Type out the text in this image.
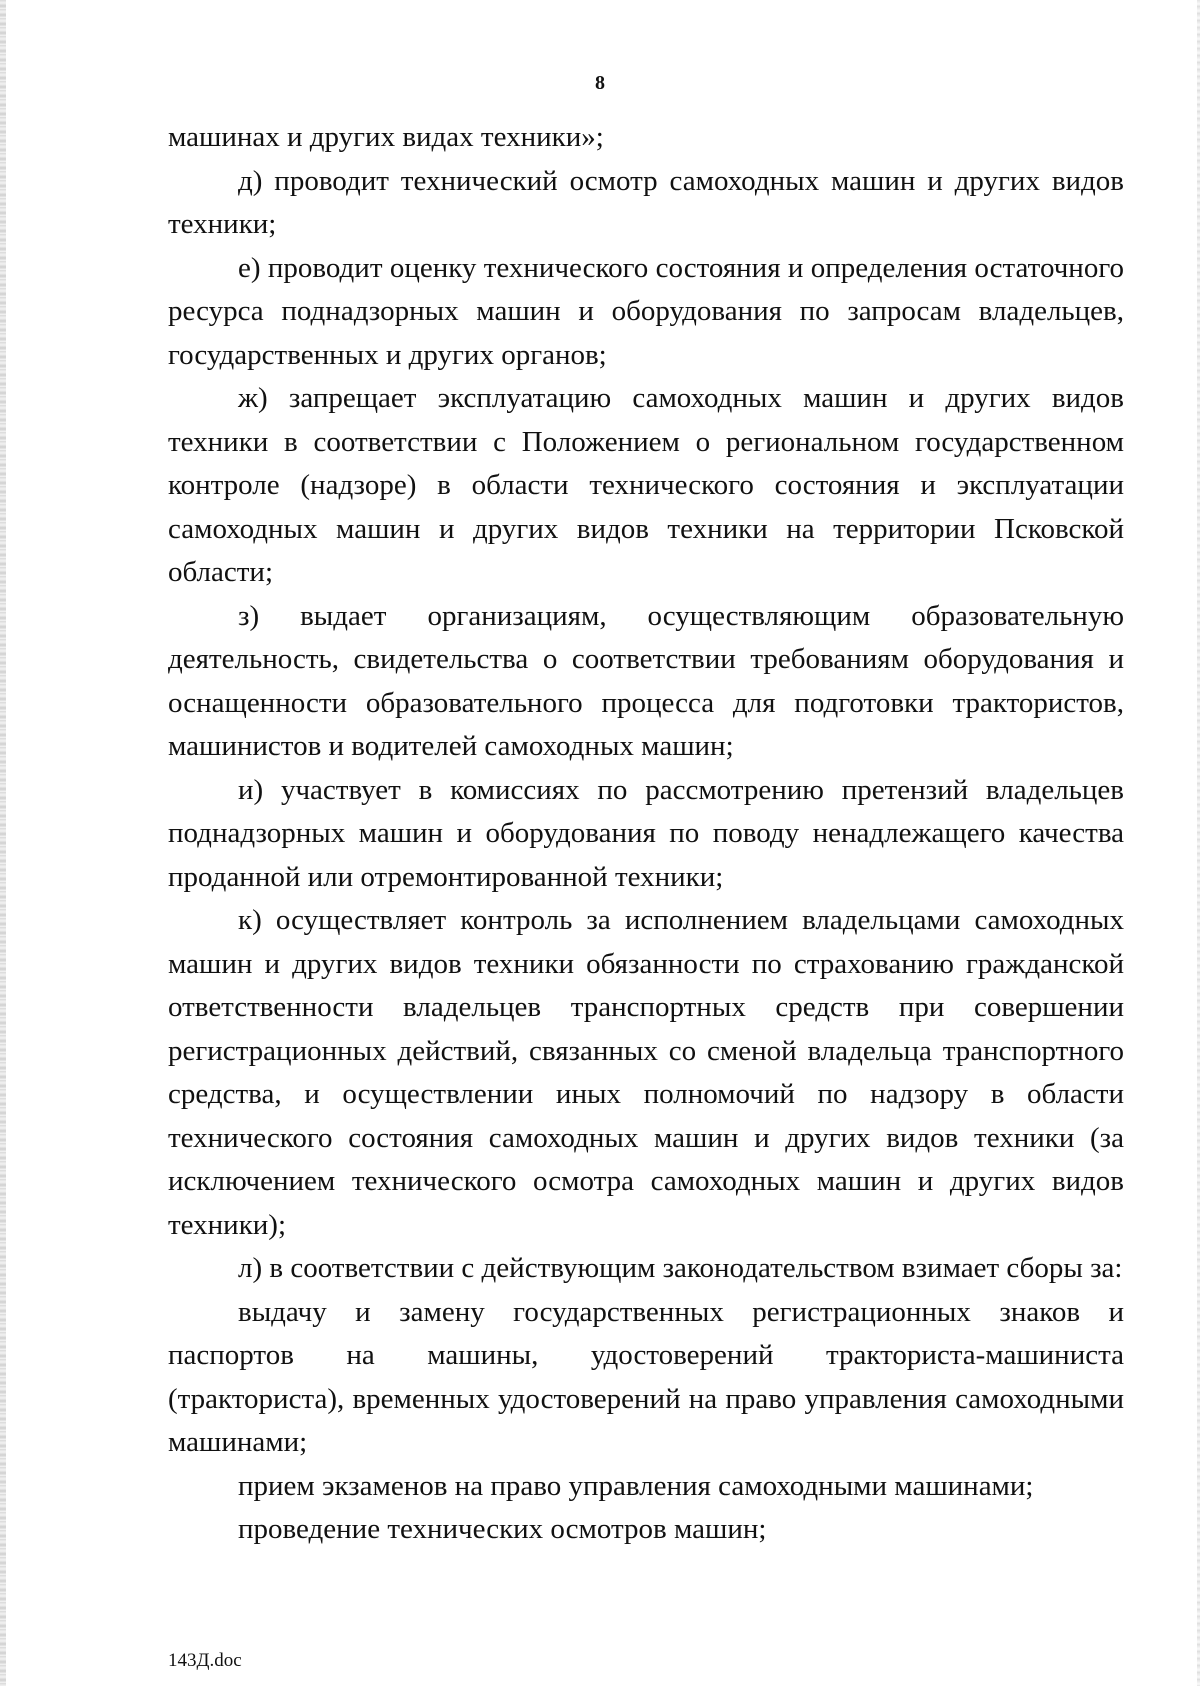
8

машинах и других видах техники»;

д) проводит технический осмотр самоходных машин и других видов техники;

е) проводит оценку технического состояния и определения остаточного ресурса поднадзорных машин и оборудования по запросам владельцев, государственных и других органов;

ж) запрещает эксплуатацию самоходных машин и других видов техники в соответствии с Положением о региональном государственном контроле (надзоре) в области технического состояния и эксплуатации самоходных машин и других видов техники на территории Псковской области;

з) выдает организациям, осуществляющим образовательную деятельность, свидетельства о соответствии требованиям оборудования и оснащенности образовательного процесса для подготовки трактористов, машинистов и водителей самоходных машин;

и) участвует в комиссиях по рассмотрению претензий владельцев поднадзорных машин и оборудования по поводу ненадлежащего качества проданной или отремонтированной техники;

к) осуществляет контроль за исполнением владельцами самоходных машин и других видов техники обязанности по страхованию гражданской ответственности владельцев транспортных средств при совершении регистрационных действий, связанных со сменой владельца транспортного средства, и осуществлении иных полномочий по надзору в области технического состояния самоходных машин и других видов техники (за исключением технического осмотра самоходных машин и других видов техники);

л) в соответствии с действующим законодательством взимает сборы за:

выдачу и замену государственных регистрационных знаков и паспортов на машины, удостоверений тракториста-машиниста (тракториста), временных удостоверений на право управления самоходными машинами;

прием экзаменов на право управления самоходными машинами;

проведение технических осмотров машин;

143Д.doc
